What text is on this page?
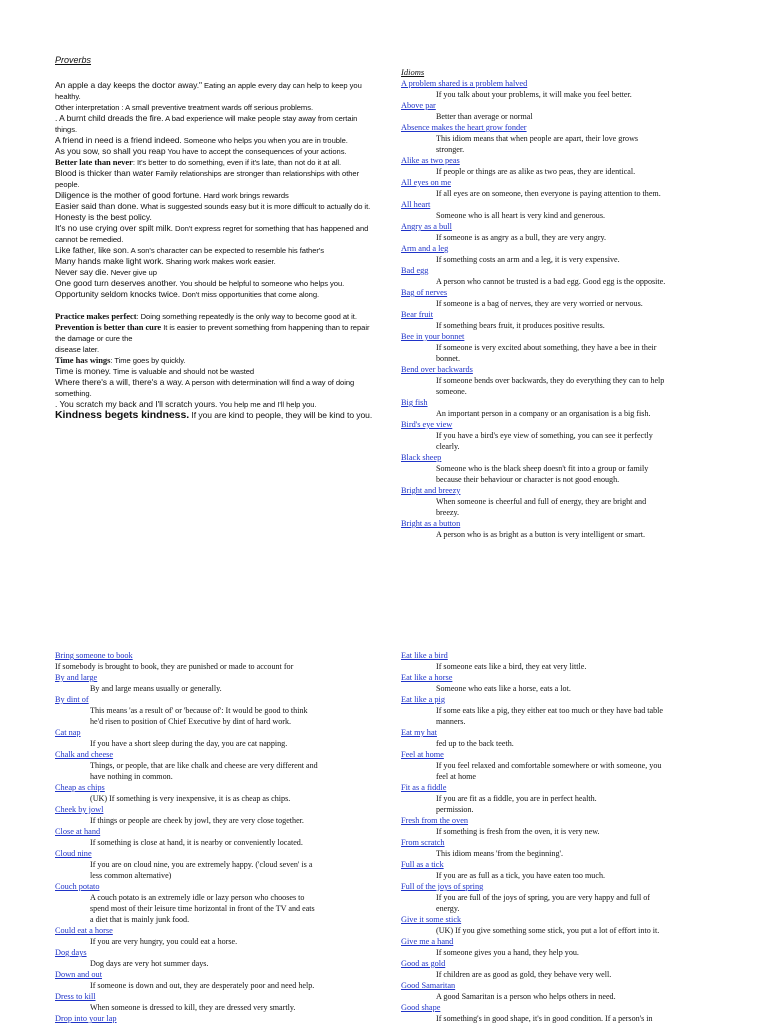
Proverbs

An apple a day keeps the doctor away." Eating an apple every day can help to keep you healthy.

Other interpretation : A small preventive treatment wards off serious problems.

. A burnt child dreads the fire. A bad experience will make people stay away from certain things.

A friend in need is a friend indeed. Someone who helps you when you are in trouble.

As you sow, so shall you reap You have to accept the consequences of your actions.

Better late than never: It's better to do something, even if it's late, than not do it at all.

Blood is thicker than water Family relationships are stronger than relationships with other people.

Diligence is the mother of good fortune. Hard work brings rewards

Easier said than done. What is suggested sounds easy but it is more difficult to actually do it.

Honesty is the best policy.

It's no use crying over spilt milk. Don't express regret for something that has happened and cannot be remedied.

Like father, like son. A son's character can be expected to resemble his father's

Many hands make light work. Sharing work makes work easier.

Never say die. Never give up

One good turn deserves another. You should be helpful to someone who helps you.

Opportunity seldom knocks twice. Don't miss opportunities that come along.

Practice makes perfect: Doing something repeatedly is the only way to become good at it.

Prevention is better than cure It is easier to prevent something from happening than to repair the damage or cure the

disease later.

Time has wings: Time goes by quickly.

Time is money. Time is valuable and should not be wasted

Where there's a will, there's a way. A person with determination will find a way of doing something.

. You scratch my back and I'll scratch yours. You help me and I'll help you.

Kindness begets kindness. If you are kind to people, they will be kind to you.

Idioms

A problem shared is a problem halved
If you talk about your problems, it will make you feel better.
Above par
Better than average or normal
Absence makes the heart grow fonder
This idiom means that when people are apart, their love grows
stronger.
Alike as two peas
If people or things are as alike as two peas, they are identical.
All eyes on me
If all eyes are on someone, then everyone is paying attention to them.
All heart
Someone who is all heart is very kind and generous.
Angry as a bull
If someone is as angry as a bull, they are very angry.
Arm and a leg
If something costs an arm and a leg, it is very expensive.
Bad egg
A person who cannot be trusted is a bad egg. Good egg is the opposite.
Bag of nerves
If someone is a bag of nerves, they are very worried or nervous.
Bear fruit
If something bears fruit, it produces positive results.
Bee in your bonnet
If someone is very excited about something, they have a bee in their
bonnet.
Bend over backwards
If someone bends over backwards, they do everything they can to help
someone.
Big fish
An important person in a company or an organisation is a big fish.
Bird's eye view
If you have a bird's eye view of something, you can see it perfectly
clearly.
Black sheep
Someone who is the black sheep doesn't fit into a group or family
because their behaviour or character is not good enough.
Bright and breezy
When someone is cheerful and full of energy, they are bright and
breezy.
Bright as a button
A person who is as bright as a button is very intelligent or smart.
Bring someone to book
If somebody is brought to book, they are punished or made to account for
By and large
By and large means usually or generally.
By dint of
This means 'as a result of' or 'because of': It would be good to think
he'd risen to position of Chief Executive by dint of hard work.
Cat nap
If you have a short sleep during the day, you are cat napping.
Chalk and cheese
Things, or people, that are like chalk and cheese are very different and
have nothing in common.
Cheap as chips
(UK) If something is very inexpensive, it is as cheap as chips.
Cheek by jowl
If things or people are cheek by jowl, they are very close together.
Close at hand
If something is close at hand, it is nearby or conveniently located.
Cloud nine
If you are on cloud nine, you are extremely happy. ('cloud seven' is a
less common alternative)
Couch potato
A couch potato is an extremely idle or lazy person who chooses to
spend most of their leisure time horizontal in front of the TV and eats
a diet that is mainly junk food.
Could eat a horse
If you are very hungry, you could eat a horse.
Dog days
Dog days are very hot summer days.
Down and out
If someone is down and out, they are desperately poor and need help.
Dress to kill
When someone is dressed to kill, they are dressed very smartly.
Drop into your lap
Eat like a bird
If someone eats like a bird, they eat very little.
Eat like a horse
Someone who eats like a horse, eats a lot.
Eat like a pig
If some eats like a pig, they either eat too much or they have bad table
manners.
Eat my hat
fed up to the back teeth.
Feel at home
If you feel relaxed and comfortable somewhere or with someone, you
feel at home
Fit as a fiddle
If you are fit as a fiddle, you are in perfect health.
permission.
Fresh from the oven
If something is fresh from the oven, it is very new.
From scratch
This idiom means 'from the beginning'.
Full as a tick
If you are as full as a tick, you have eaten too much.
Full of the joys of spring
If you are full of the joys of spring, you are very happy and full of
energy.
Give it some stick
(UK) If you give something some stick, you put a lot of effort into it.
Give me a hand
If someone gives you a hand, they help you.
Good as gold
If children are as good as gold, they behave very well.
Good Samaritan
A good Samaritan is a person who helps others in need.
Good shape
If something's in good shape, it's in good condition. If a person's in
